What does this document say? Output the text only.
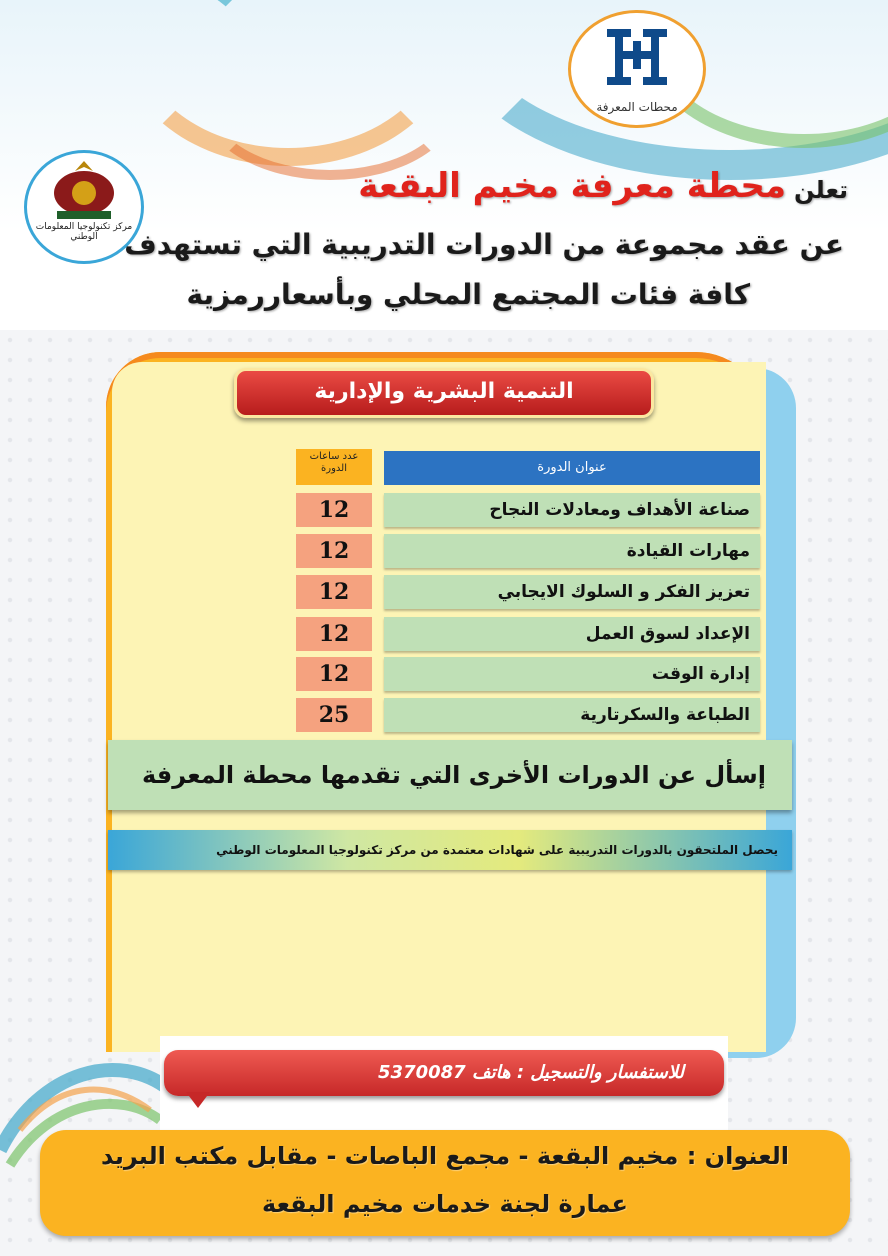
محطات المعرفة
مركز تكنولوجيا المعلومات الوطني
تعلن
محطة معرفة مخيم البقعة
عن عقد مجموعة من الدورات التدريبية التي تستهدف
كافة فئات المجتمع المحلي وبأسعاررمزية
التنمية البشرية والإدارية
عدد ساعات الدورة	عنوان الدورة
صناعة الأهداف ومعادلات النجاح
12
مهارات القيادة
12
تعزيز الفكر و السلوك الايجابي
12
الإعداد لسوق العمل
12
إدارة الوقت
12
الطباعة والسكرتارية
25
إسأل عن الدورات الأخرى التي تقدمها محطة المعرفة
يحصل الملتحقون بالدورات التدريبية على شهادات معتمدة من مركز تكنولوجيا المعلومات الوطني
للاستفسار والتسجيل : هاتف 5370087
العنوان : مخيم البقعة - مجمع الباصات - مقابل مكتب البريد
عمارة لجنة خدمات مخيم البقعة
